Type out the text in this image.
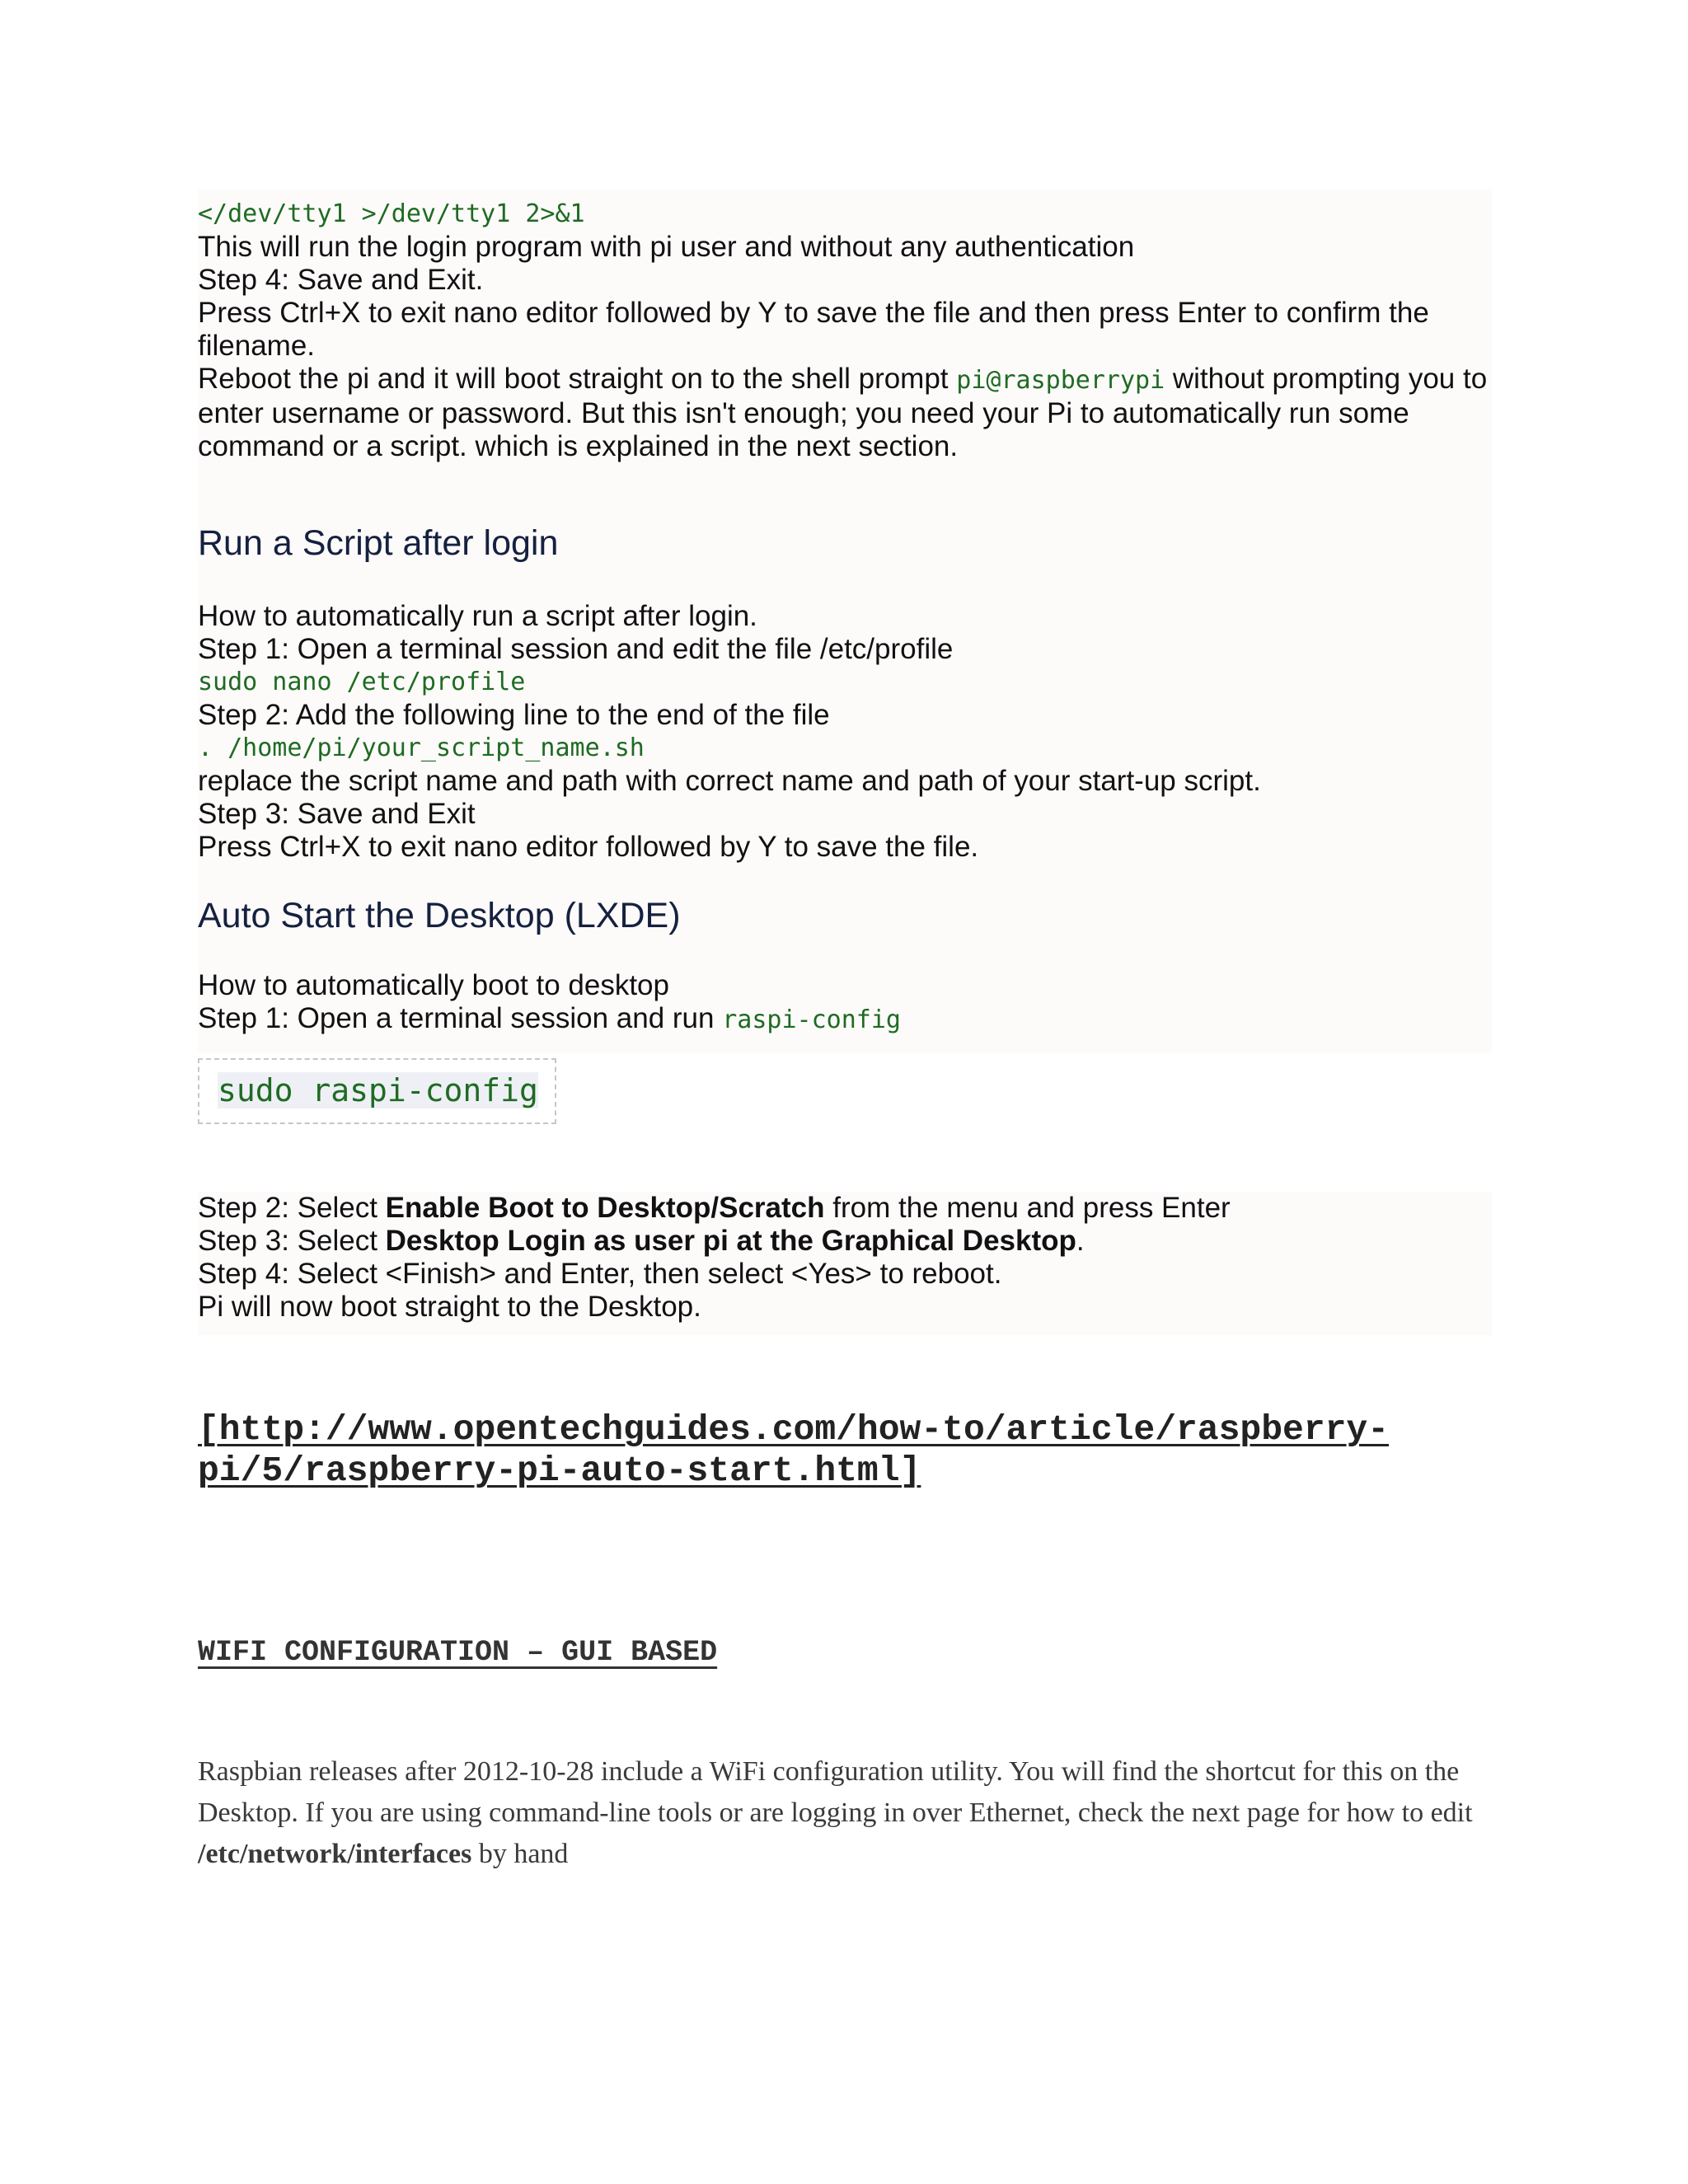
</dev/tty1 >/dev/tty1 2>&1
This will run the login program with pi user and without any authentication
Step 4: Save and Exit.
Press Ctrl+X to exit nano editor followed by Y to save the file and then press Enter to confirm the filename.
Reboot the pi and it will boot straight on to the shell prompt pi@raspberrypi without prompting you to enter username or password. But this isn't enough; you need your Pi to automatically run some command or a script. which is explained in the next section.
Run a Script after login
How to automatically run a script after login.
Step 1: Open a terminal session and edit the file /etc/profile
sudo nano /etc/profile
Step 2: Add the following line to the end of the file
. /home/pi/your_script_name.sh
replace the script name and path with correct name and path of your start-up script.
Step 3: Save and Exit
Press Ctrl+X to exit nano editor followed by Y to save the file.
Auto Start the Desktop (LXDE)
How to automatically boot to desktop
Step 1: Open a terminal session and run raspi-config
sudo raspi-config
Step 2: Select Enable Boot to Desktop/Scratch from the menu and press Enter
Step 3: Select Desktop Login as user pi at the Graphical Desktop.
Step 4: Select <Finish> and Enter, then select <Yes> to reboot.
Pi will now boot straight to the Desktop.
[http://www.opentechguides.com/how-to/article/raspberry-
pi/5/raspberry-pi-auto-start.html]
WIFI CONFIGURATION – GUI BASED
Raspbian releases after 2012-10-28 include a WiFi configuration utility. You will find the shortcut for this on the Desktop. If you are using command-line tools or are logging in over Ethernet, check the next page for how to edit /etc/network/interfaces by hand
